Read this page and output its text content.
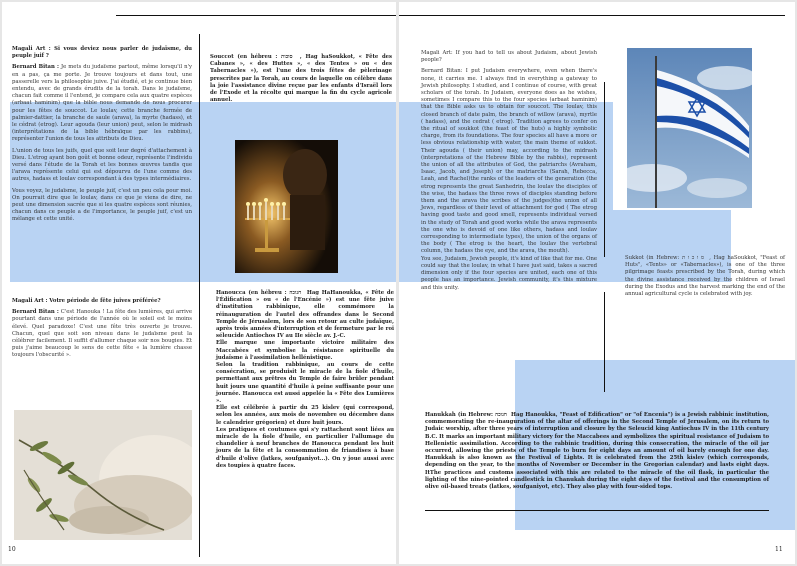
Magali Art : Si vous deviez nous parler de judaïsme, du peuple juif ?

Bernard Bitan : Je mets du judaïsme partout, même lorsqu'il n'y en a pas, ça me porte. Je trouve toujours et dans tout, une passerelle vers la philosophie juive. J'ai étudié, et je continue bien entendu, avec de grands érudits de la torah. Dans le judaïsme, chacun fait comme il l'entend, je compare cela aux quatre espèces (arbaat haminim) que la bible nous demande de nous procurer pour les fêtes de souccot. Le loulav, cette branche fermée de palmier-dattier, la branche de saule (arava), la myrte (hadass), et le cédrat (etrog). Leur agouda (leur union) peut, selon le midrash (interprétations de la bible hébraïque par les rabbins), représenter l'union de tous les attributs de Dieu.

L'union de tous les juifs, quel que soit leur degré d'attachement à Dieu. L'etrog ayant bon goût et bonne odeur, représente l'individu versé dans l'étude de la Torah et les bonnes œuvres tandis que l'arava représente celui qui est dépourvu de l'une comme des autres, hadass et loulav correspondant à des types intermédiaires.

Vous voyez, le judaïsme, le peuple juif, c'est un peu cela pour moi. On pourrait dire que le loulav, dans ce que je viens de dire, ne peut une dimension sacrée que si les quatre espèces sont réunies, chacun dans ce peuple a de l'importance, le peuple juif, c'est un mélange et cette unité.

Magali Art : Votre période de fête juives préférée?

Bernard Bitan : C'est Hanouka ! La fête des lumières, qui arrive pourtant dans une période de l'année où le soleil est le moins élevé. Quel paradoxe! C'est une fête très ouverte je trouve. Chacun, quel que soit son niveau dans le judaïsme peut la célébrer facilement. Il suffit d'allumer chaque soir nos bougies. Et puis j'aime beaucoup le sens de cette fête « la lumière chasse toujours l'obscurité ».

Souccot (en hébreu : סוכות ‎ ‎, Hag haSoukkot, « Fête des Cabanes », « des Huttes », « des Tentes » ou « des Tabernacles »), est l'une des trois fêtes de pèlerinage prescrites par la Torah, au cours de laquelle on célèbre dans la joie l'assistance divine reçue par les enfants d'Israël lors de l'Exode et la récolte qui marque la fin du cycle agricole annuel.

Hanoucca (en hébreu : חנוכה ‎ Hag HaHanoukka, « Fête de l'Édification » ou « de l'Encénie ») est une fête juive d'institution rabbinique, elle commémore la réinauguration de l'autel des offrandes dans le Second Temple de Jérusalem, lors de son retour au culte judaïque, après trois années d'interruption et de fermeture par le roi séleucide Antiochos IV au IIe siècle av. J.-C.

Elle marque une importante victoire militaire des Maccabées et symbolise la résistance spirituelle du judaïsme à l'assimilation hellénistique.

Selon la tradition rabbinique, au cours de cette consécration, se produisit le miracle de la fiole d'huile, permettant aux prêtres du Temple de faire brûler pendant huit jours une quantité d'huile à peine suffisante pour une journée. Hanoucca est aussi appelée la « Fête des Lumières ».

Elle est célébrée à partir du 25 kislev (qui correspond, selon les années, aux mois de novembre ou décembre dans le calendrier grégorien) et dure huit jours.

Les pratiques et coutumes qui s'y rattachent sont liées au miracle de la fiole d'huile, en particulier l'allumage du chandelier à neuf branches de Hanoucca pendant les huit jours de la fête et la consommation de friandises à base d'huile d'olive (latkes, soufganiyot...). On y joue aussi avec des toupies à quatre faces.

10

Magali Art: If you had to tell us about Judaism, about Jewish people?

Bernard Bitan: I put Judaism everywhere, even when there's none, it carries me. I always find in everything a gateway to Jewish philosophy. I studied, and I continue of course, with great scholars of the torah. In Judaism, everyone does as he wishes, sometimes I compare this to the four species (arbaat haminim) that the Bible asks us to obtain for souccot. The loulav, this closed branch of date palm, the branch of willow (arava), myrtle ( hadass), and the cedrat ( etrog). Tradition agrees to confer on the ritual of soukkot (the feast of the huts) a highly symbolic charge, from its foundations. The four species all have a more or less obvious relationship with water, the main theme of sukkot. Their agouda ( their union) may, according to the midrash (interpretations of the Hebrew Bible by the rabbis), represent the union of all the attributes of God, the patriarchs (Avraham, Isaac, Jacob, and Joseph) or the matriarchs (Sarah, Rebecca, Leah, and Rachel)the ranks of the leaders of the generation (the etrog represents the great Sanhedrin, the loulav the disciples of the wise, the hadass the three rows of disciples standing before them and the arava the scribes of the judges)the union of all Jews, regardless of their level of attachment for god ( The etrog having good taste and good smell, represents individual versed in the study of Torah and good works while the arava represents the one who is devoid of one like others, hadass and loulav corresponding to intermediate types), the union of the organs of the body ( The etrog is the heart, the loulav the vertebral column, the hadass the eye, and the arava, the mouth).

You see, Judaism, Jewish people, it's kind of like that for me. One could say that the loulav, in what I have just said, takes a sacred dimension only if the four species are united, each one of this people has an importance. Jewish community, it's this mixture and this unity.

Sukkot (in Hebrew: ס ו כ ו ת ‎ , Hag haSoukkot, "Feast of Huts", «Tents» or «Tabernacles»), is one of the three pilgrimage feasts prescribed by the Torah, during which the divine assistance received by the children of Israel during the Exodus and the harvest marking the end of the annual agricultural cycle is celebrated with joy.

Hanukkah (in Hebrew: חנוכה ‎ Hag Hanoukka, "Feast of Edification" or "of Encenia") is a Jewish rabbinic institution, commemorating the re-inauguration of the altar of offerings in the Second Temple of Jerusalem, on its return to Judaic worship, after three years of interruption and closure by the Seleucid king Antiochus IV in the 11th century B.C. It marks an important military victory for the Maccabees and symbolizes the spiritual resistance of Judaism to Hellenistic assimilation. According to the rabbinic tradition, during this consecration, the miracle of the oil jar occurred, allowing the priests of the Temple to burn for eight days an amount of oil barely enough for one day. Hanukkah is also known as the Festival of Lights. It is celebrated from the 25th kislev (which corresponds, depending on the year, to the months of November or December in the Gregorian calendar) and lasts eight days. ItThe practices and customs associated with this are related to the miracle of the oil flask, in particular the lighting of the nine-pointed candlestick in Chanukah during the eight days of the festival and the consumption of olive oil-based treats (latkes, soufganiyot, etc). They also play with four-sided tops.

11
